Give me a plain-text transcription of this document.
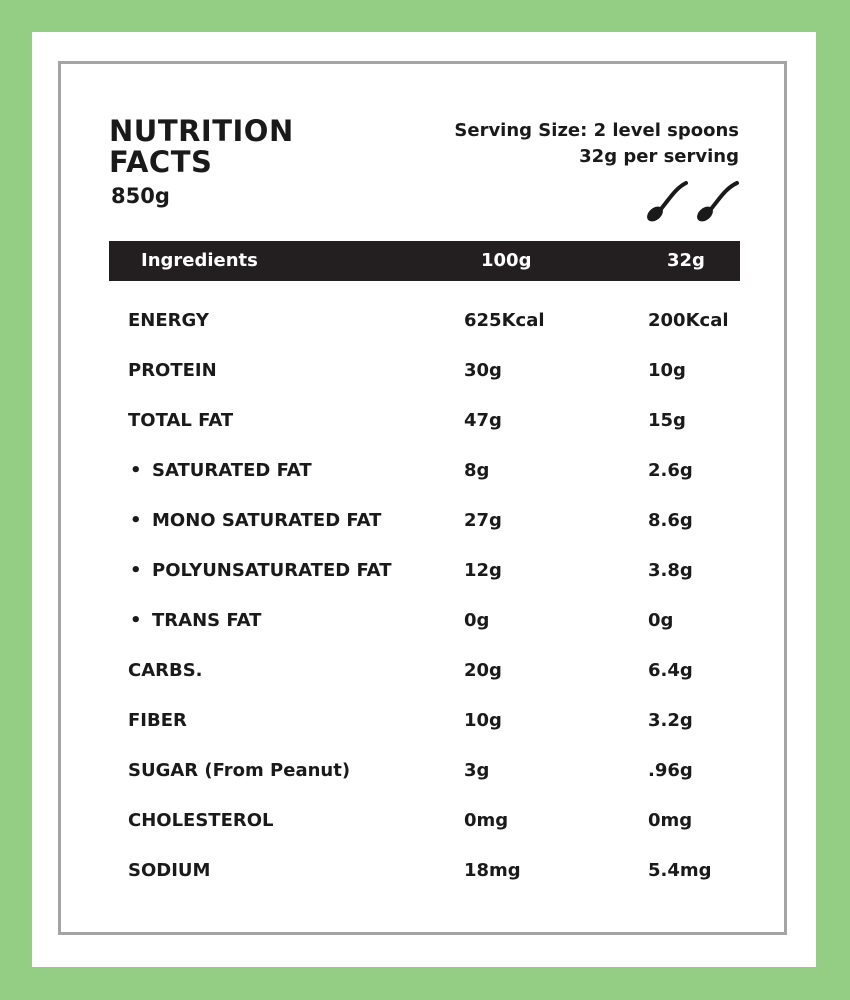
NUTRITION
FACTS
850g
Serving Size: 2 level spoons
32g per serving
Ingredients	100g	32g
ENERGY	625Kcal	200Kcal
PROTEIN	30g	10g
TOTAL FAT	47g	15g
• SATURATED FAT	8g	2.6g
• MONO SATURATED FAT	27g	8.6g
• POLYUNSATURATED FAT	12g	3.8g
• TRANS FAT	0g	0g
CARBS.	20g	6.4g
FIBER	10g	3.2g
SUGAR (From Peanut)	3g	.96g
CHOLESTEROL	0mg	0mg
SODIUM	18mg	5.4mg
